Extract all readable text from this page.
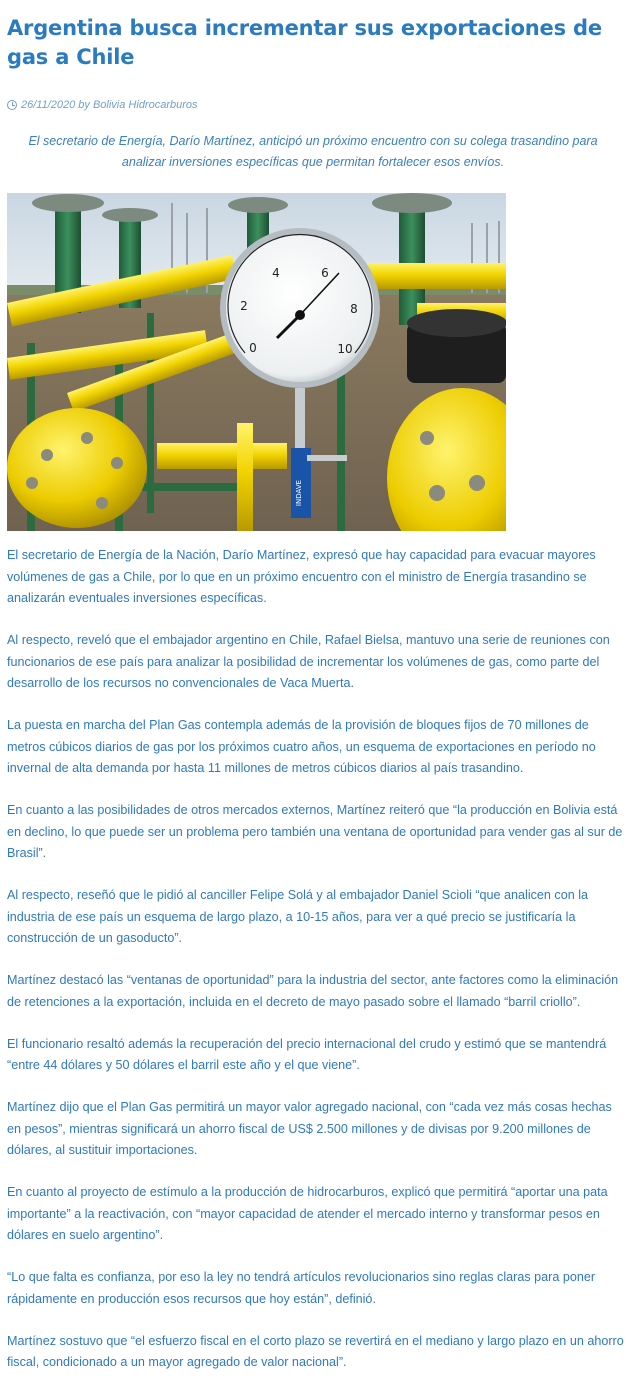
Argentina busca incrementar sus exportaciones de gas a Chile
26/11/2020 by Bolivia Hidrocarburos
El secretario de Energía, Darío Martínez, anticipó un próximo encuentro con su colega trasandino para analizar inversiones específicas que permitan fortalecer esos envíos.
0
2
4	6
8
10
INDAVE

El secretario de Energía de la Nación, Darío Martínez, expresó que hay capacidad para evacuar mayores volúmenes de gas a Chile, por lo que en un próximo encuentro con el ministro de Energía trasandino se analizarán eventuales inversiones específicas.

Al respecto, reveló que el embajador argentino en Chile, Rafael Bielsa, mantuvo una serie de reuniones con funcionarios de ese país para analizar la posibilidad de incrementar los volúmenes de gas, como parte del desarrollo de los recursos no convencionales de Vaca Muerta.

La puesta en marcha del Plan Gas contempla además de la provisión de bloques fijos de 70 millones de metros cúbicos diarios de gas por los próximos cuatro años, un esquema de exportaciones en período no invernal de alta demanda por hasta 11 millones de metros cúbicos diarios al país trasandino.

En cuanto a las posibilidades de otros mercados externos, Martínez reiteró que “la producción en Bolivia está en declino, lo que puede ser un problema pero también una ventana de oportunidad para vender gas al sur de Brasil”.

Al respecto, reseñó que le pidió al canciller Felipe Solá y al embajador Daniel Scioli “que analicen con la industria de ese país un esquema de largo plazo, a 10-15 años, para ver a qué precio se justificaría la construcción de un gasoducto”.

Martínez destacó las “ventanas de oportunidad” para la industria del sector, ante factores como la eliminación de retenciones a la exportación, incluida en el decreto de mayo pasado sobre el llamado “barril criollo”.

El funcionario resaltó además la recuperación del precio internacional del crudo y estimó que se mantendrá “entre 44 dólares y 50 dólares el barril este año y el que viene”.

Martínez dijo que el Plan Gas permitirá un mayor valor agregado nacional, con “cada vez más cosas hechas en pesos”, mientras significará un ahorro fiscal de US$ 2.500 millones y de divisas por 9.200 millones de dólares, al sustituir importaciones.

En cuanto al proyecto de estímulo a la producción de hidrocarburos, explicó que permitirá “aportar una pata importante” a la reactivación, con “mayor capacidad de atender el mercado interno y transformar pesos en dólares en suelo argentino”.

“Lo que falta es confianza, por eso la ley no tendrá artículos revolucionarios sino reglas claras para poner rápidamente en producción esos recursos que hoy están”, definió.

Martínez sostuvo que “el esfuerzo fiscal en el corto plazo se revertirá en el mediano y largo plazo en un ahorro fiscal, condicionado a un mayor agregado de valor nacional”.
